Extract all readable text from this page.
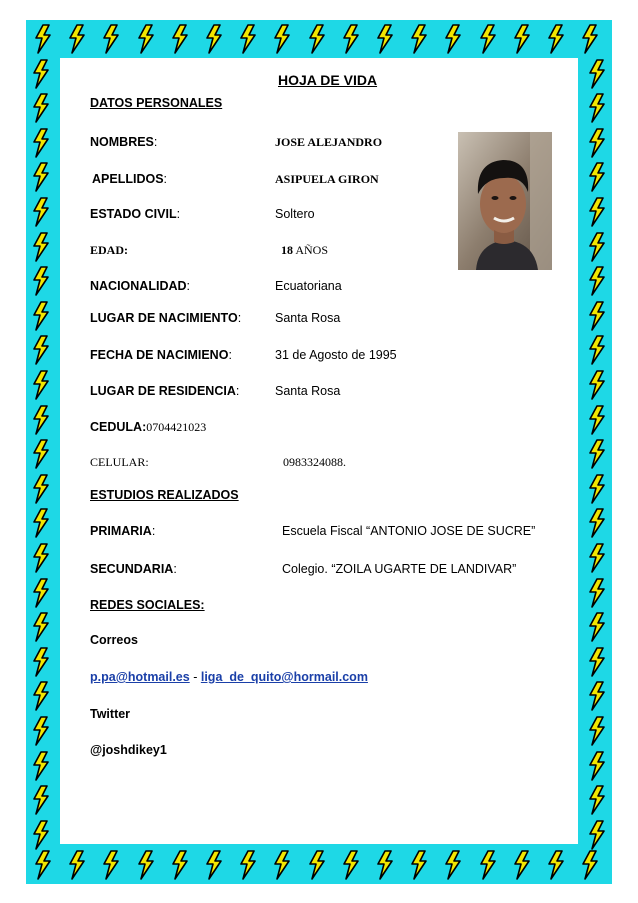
HOJA DE VIDA
DATOS PERSONALES
NOMBRES:	JOSE ALEJANDRO
APELLIDOS:	ASIPUELA GIRON
ESTADO CIVIL:	Soltero
EDAD:	18 AÑOS
NACIONALIDAD:	Ecuatoriana
LUGAR DE NACIMIENTO:	Santa Rosa
FECHA DE NACIMIENO:	31 de Agosto de 1995
LUGAR DE RESIDENCIA:	Santa Rosa
CEDULA:0704421023
CELULAR:	0983324088.
ESTUDIOS REALIZADOS
PRIMARIA:	Escuela Fiscal “ANTONIO JOSE DE SUCRE”
SECUNDARIA:	Colegio. “ZOILA UGARTE DE LANDIVAR”
REDES SOCIALES:
Correos
p.pa@hotmail.es - liga_de_quito@hormail.com
Twitter
@joshdikey1
